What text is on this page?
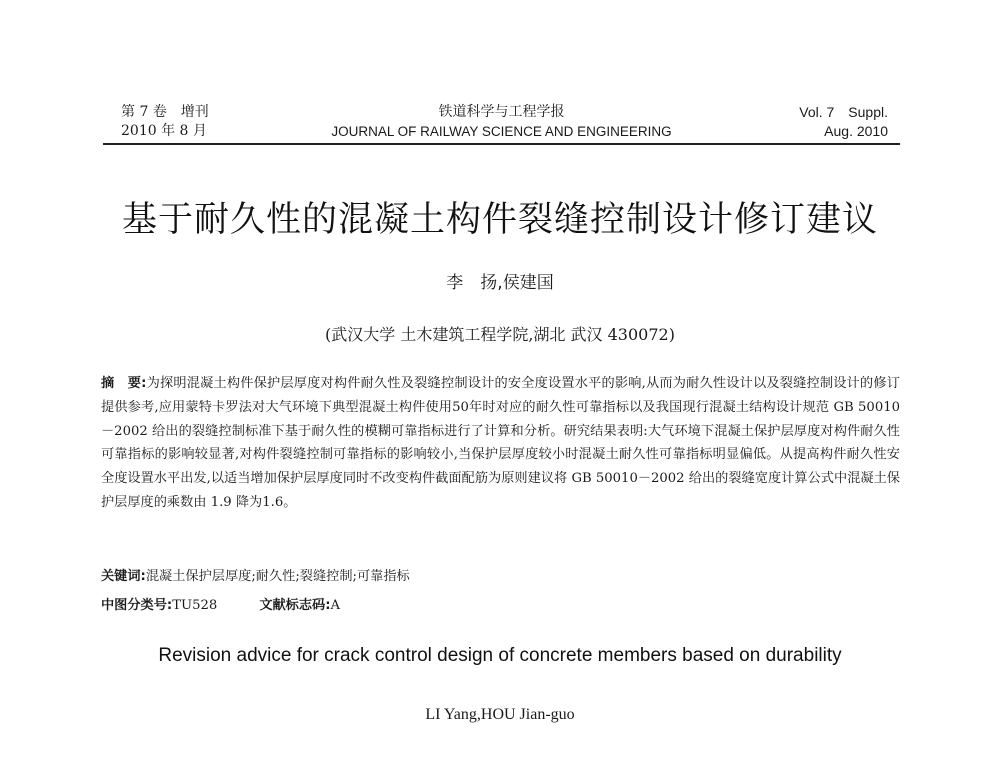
第 7 卷　增刊
2010 年 8 月
铁道科学与工程学报
JOURNAL OF RAILWAY SCIENCE AND ENGINEERING
Vol. 7　Suppl.
Aug. 2010
基于耐久性的混凝土构件裂缝控制设计修订建议
李　扬,侯建国
(武汉大学 土木建筑工程学院,湖北 武汉 430072)

摘　要:为探明混凝土构件保护层厚度对构件耐久性及裂缝控制设计的安全度设置水平的影响,从而为耐久性设计以及裂缝控制设计的修订提供参考,应用蒙特卡罗法对大气环境下典型混凝土构件使用50年时对应的耐久性可靠指标以及我国现行混凝土结构设计规范 GB 50010－2002 给出的裂缝控制标准下基于耐久性的模糊可靠指标进行了计算和分析。研究结果表明:大气环境下混凝土保护层厚度对构件耐久性可靠指标的影响较显著,对构件裂缝控制可靠指标的影响较小,当保护层厚度较小时混凝土耐久性可靠指标明显偏低。从提高构件耐久性安全度设置水平出发,以适当增加保护层厚度同时不改变构件截面配筋为原则建议将 GB 50010－2002 给出的裂缝宽度计算公式中混凝土保护层厚度的乘数由 1.9 降为1.6。

关键词:混凝土保护层厚度;耐久性;裂缝控制;可靠指标
中图分类号:TU528	文献标志码:A
Revision advice for crack control design of concrete members based on durability
LI Yang,HOU Jian-guo
